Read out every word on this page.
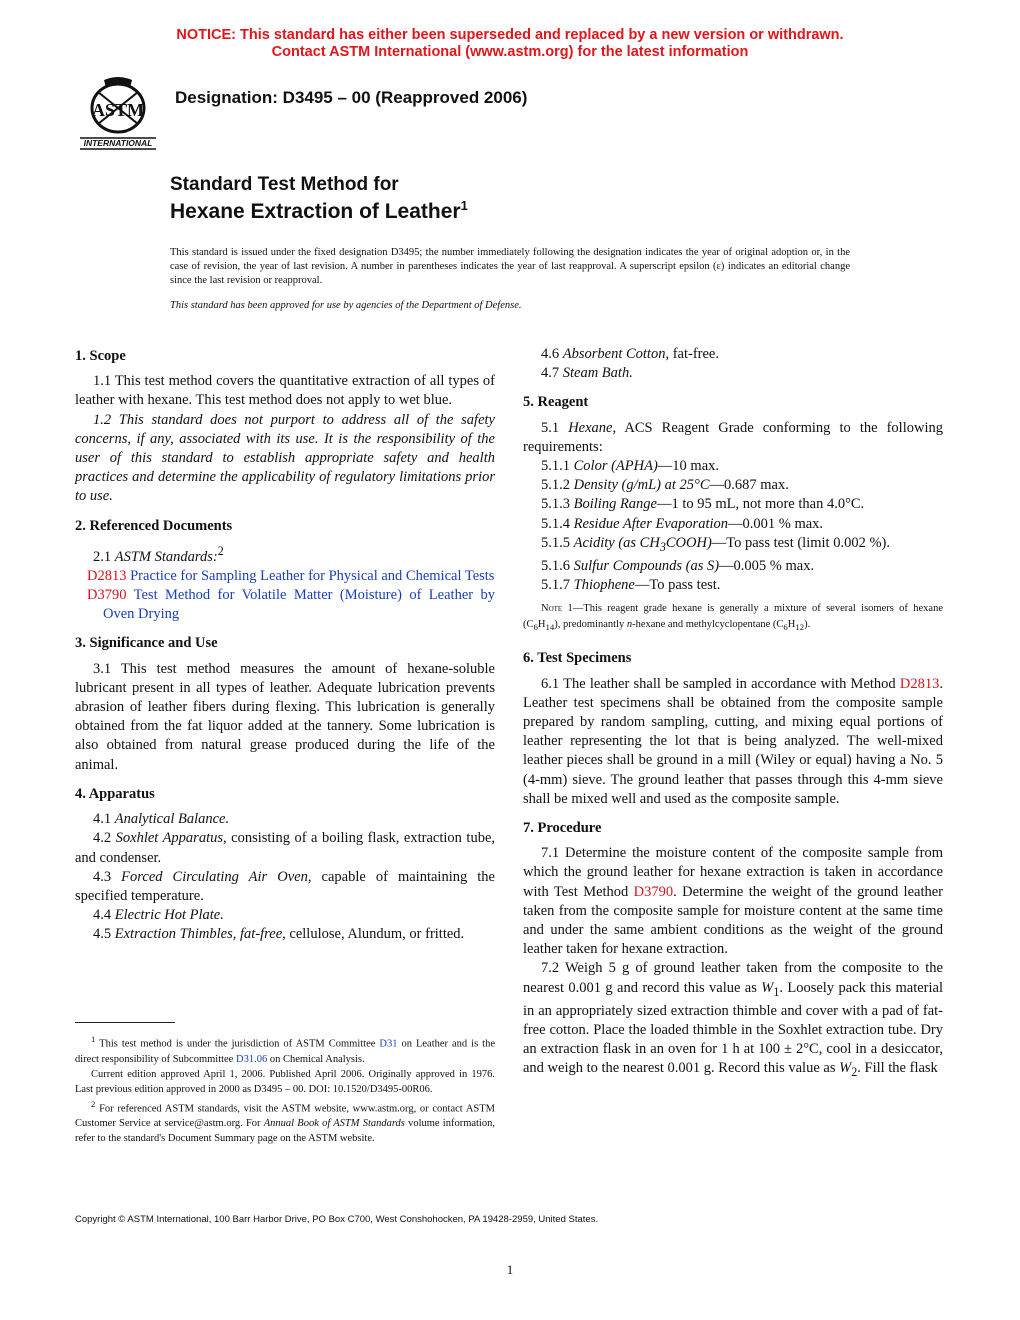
NOTICE: This standard has either been superseded and replaced by a new version or withdrawn.
Contact ASTM International (www.astm.org) for the latest information
ASTM
INTERNATIONAL
Designation: D3495 – 00 (Reapproved 2006)
Standard Test Method for
Hexane Extraction of Leather$^1$
This standard is issued under the fixed designation D3495; the number immediately following the designation indicates the year of original adoption or, in the case of revision, the year of last revision. A number in parentheses indicates the year of last reapproval. A superscript epsilon (ε) indicates an editorial change since the last revision or reapproval.
This standard has been approved for use by agencies of the Department of Defense.
1. Scope

1.1 This test method covers the quantitative extraction of all types of leather with hexane. This test method does not apply to wet blue.

1.2 This standard does not purport to address all of the safety concerns, if any, associated with its use. It is the responsibility of the user of this standard to establish appropriate safety and health practices and determine the applicability of regulatory limitations prior to use.

2. Referenced Documents

2.1 ASTM Standards:$^2$

D2813 Practice for Sampling Leather for Physical and Chemical Tests
D3790 Test Method for Volatile Matter (Moisture) of Leather by Oven Drying
3. Significance and Use

3.1 This test method measures the amount of hexane-soluble lubricant present in all types of leather. Adequate lubrication prevents abrasion of leather fibers during flexing. This lubrication is generally obtained from the fat liquor added at the tannery. Some lubrication is also obtained from natural grease produced during the life of the animal.

4. Apparatus

4.1 Analytical Balance.

4.2 Soxhlet Apparatus, consisting of a boiling flask, extraction tube, and condenser.

4.3 Forced Circulating Air Oven, capable of maintaining the specified temperature.

4.4 Electric Hot Plate.

4.5 Extraction Thimbles, fat-free, cellulose, Alundum, or fritted.

4.6 Absorbent Cotton, fat-free.

4.7 Steam Bath.

5. Reagent

5.1 Hexane, ACS Reagent Grade conforming to the following requirements:

5.1.1 Color (APHA)—10 max.

5.1.2 Density (g/mL) at 25°C—0.687 max.

5.1.3 Boiling Range—1 to 95 mL, not more than 4.0°C.

5.1.4 Residue After Evaporation—0.001 % max.

5.1.5 Acidity (as $CH_3COOH)—To$ pass test (limit 0.002 %).

5.1.6 Sulfur Compounds (as S)—0.005 % max.

5.1.7 Thiophene—To pass test.

Note 1—This reagent grade hexane is generally a mixture of several isomers of hexane $(C_6H_{14})$, predominantly n-hexane and methylcyclopentane $(C_6H_{12})$.
6. Test Specimens

6.1 The leather shall be sampled in accordance with Method D2813. Leather test specimens shall be obtained from the composite sample prepared by random sampling, cutting, and mixing equal portions of leather representing the lot that is being analyzed. The well-mixed leather pieces shall be ground in a mill (Wiley or equal) having a No. 5 (4-mm) sieve. The ground leather that passes through this 4-mm sieve shall be mixed well and used as the composite sample.

7. Procedure

7.1 Determine the moisture content of the composite sample from which the ground leather for hexane extraction is taken in accordance with Test Method D3790. Determine the weight of the ground leather taken from the composite sample for moisture content at the same time and under the same ambient conditions as the weight of the ground leather taken for hexane extraction.

7.2 Weigh 5 g of ground leather taken from the composite to the nearest 0.001 g and record this value as $W_1$. Loosely pack this material in an appropriately sized extraction thimble and cover with a pad of fat-free cotton. Place the loaded thimble in the Soxhlet extraction tube. Dry an extraction flask in an oven for 1 h at 100 ± 2°C, cool in a desiccator, and weigh to the nearest 0.001 g. Record this value as $W_2$. Fill the flask

$^1$ This test method is under the jurisdiction of ASTM Committee D31 on Leather and is the direct responsibility of Subcommittee D31.06 on Chemical Analysis.

Current edition approved April 1, 2006. Published April 2006. Originally approved in 1976. Last previous edition approved in 2000 as D3495 – 00. DOI: 10.1520/D3495-00R06.

$^2$ For referenced ASTM standards, visit the ASTM website, www.astm.org, or contact ASTM Customer Service at service@astm.org. For Annual Book of ASTM Standards volume information, refer to the standard's Document Summary page on the ASTM website.

Copyright © ASTM International, 100 Barr Harbor Drive, PO Box C700, West Conshohocken, PA 19428-2959, United States.
1
